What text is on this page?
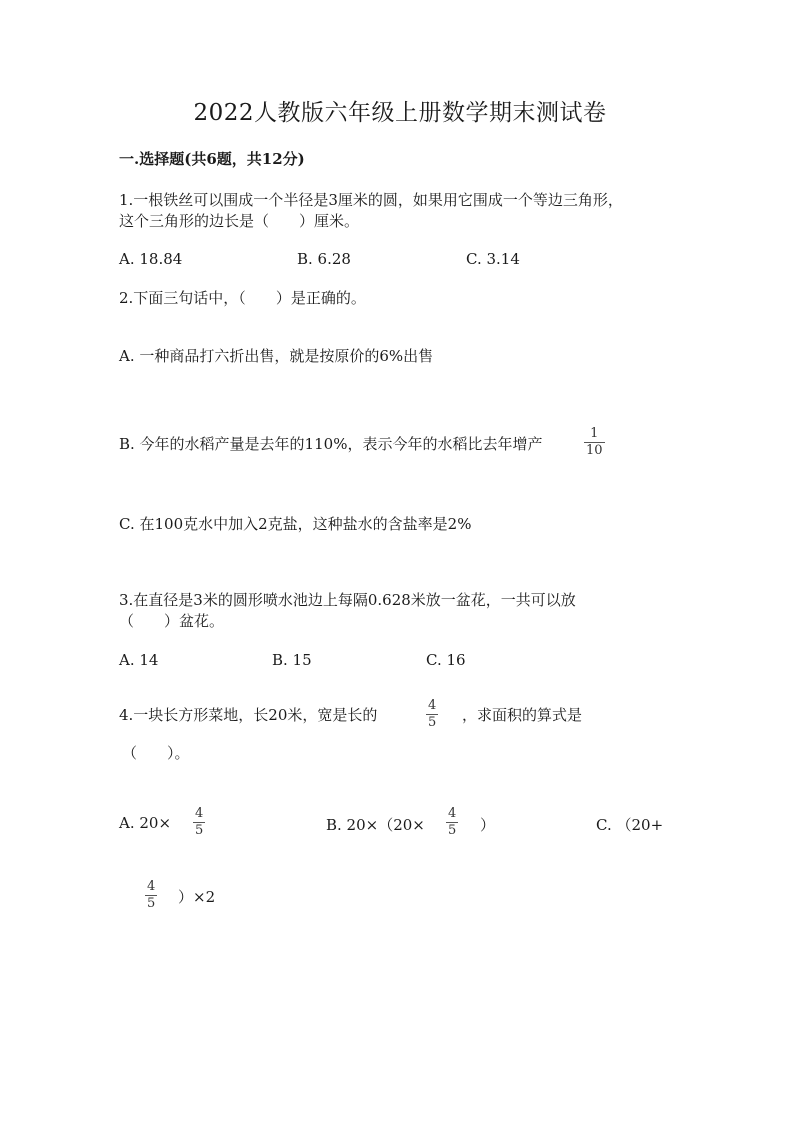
2022人教版六年级上册数学期末测试卷
一.选择题(共6题，共12分)
1.一根铁丝可以围成一个半径是3厘米的圆，如果用它围成一个等边三角形，
这个三角形的边长是（　　）厘米。
A. 18.84	B. 6.28	C. 3.14
2.下面三句话中，（　　）是正确的。
A. 一种商品打六折出售，就是按原价的6%出售
B. 今年的水稻产量是去年的110%，表示今年的水稻比去年增产
1
10
C. 在100克水中加入2克盐，这种盐水的含盐率是2%
3.在直径是3米的圆形喷水池边上每隔0.628米放一盆花，一共可以放
（　　）盆花。
A. 14	B. 15	C. 16
4.一块长方形菜地，长20米，宽是长的
4
5 ，求面积的算式是
（　　）。
A. 20×
4
5	B. 20×（20×
4
5 ）	C. （20+
4
5 ）×2
